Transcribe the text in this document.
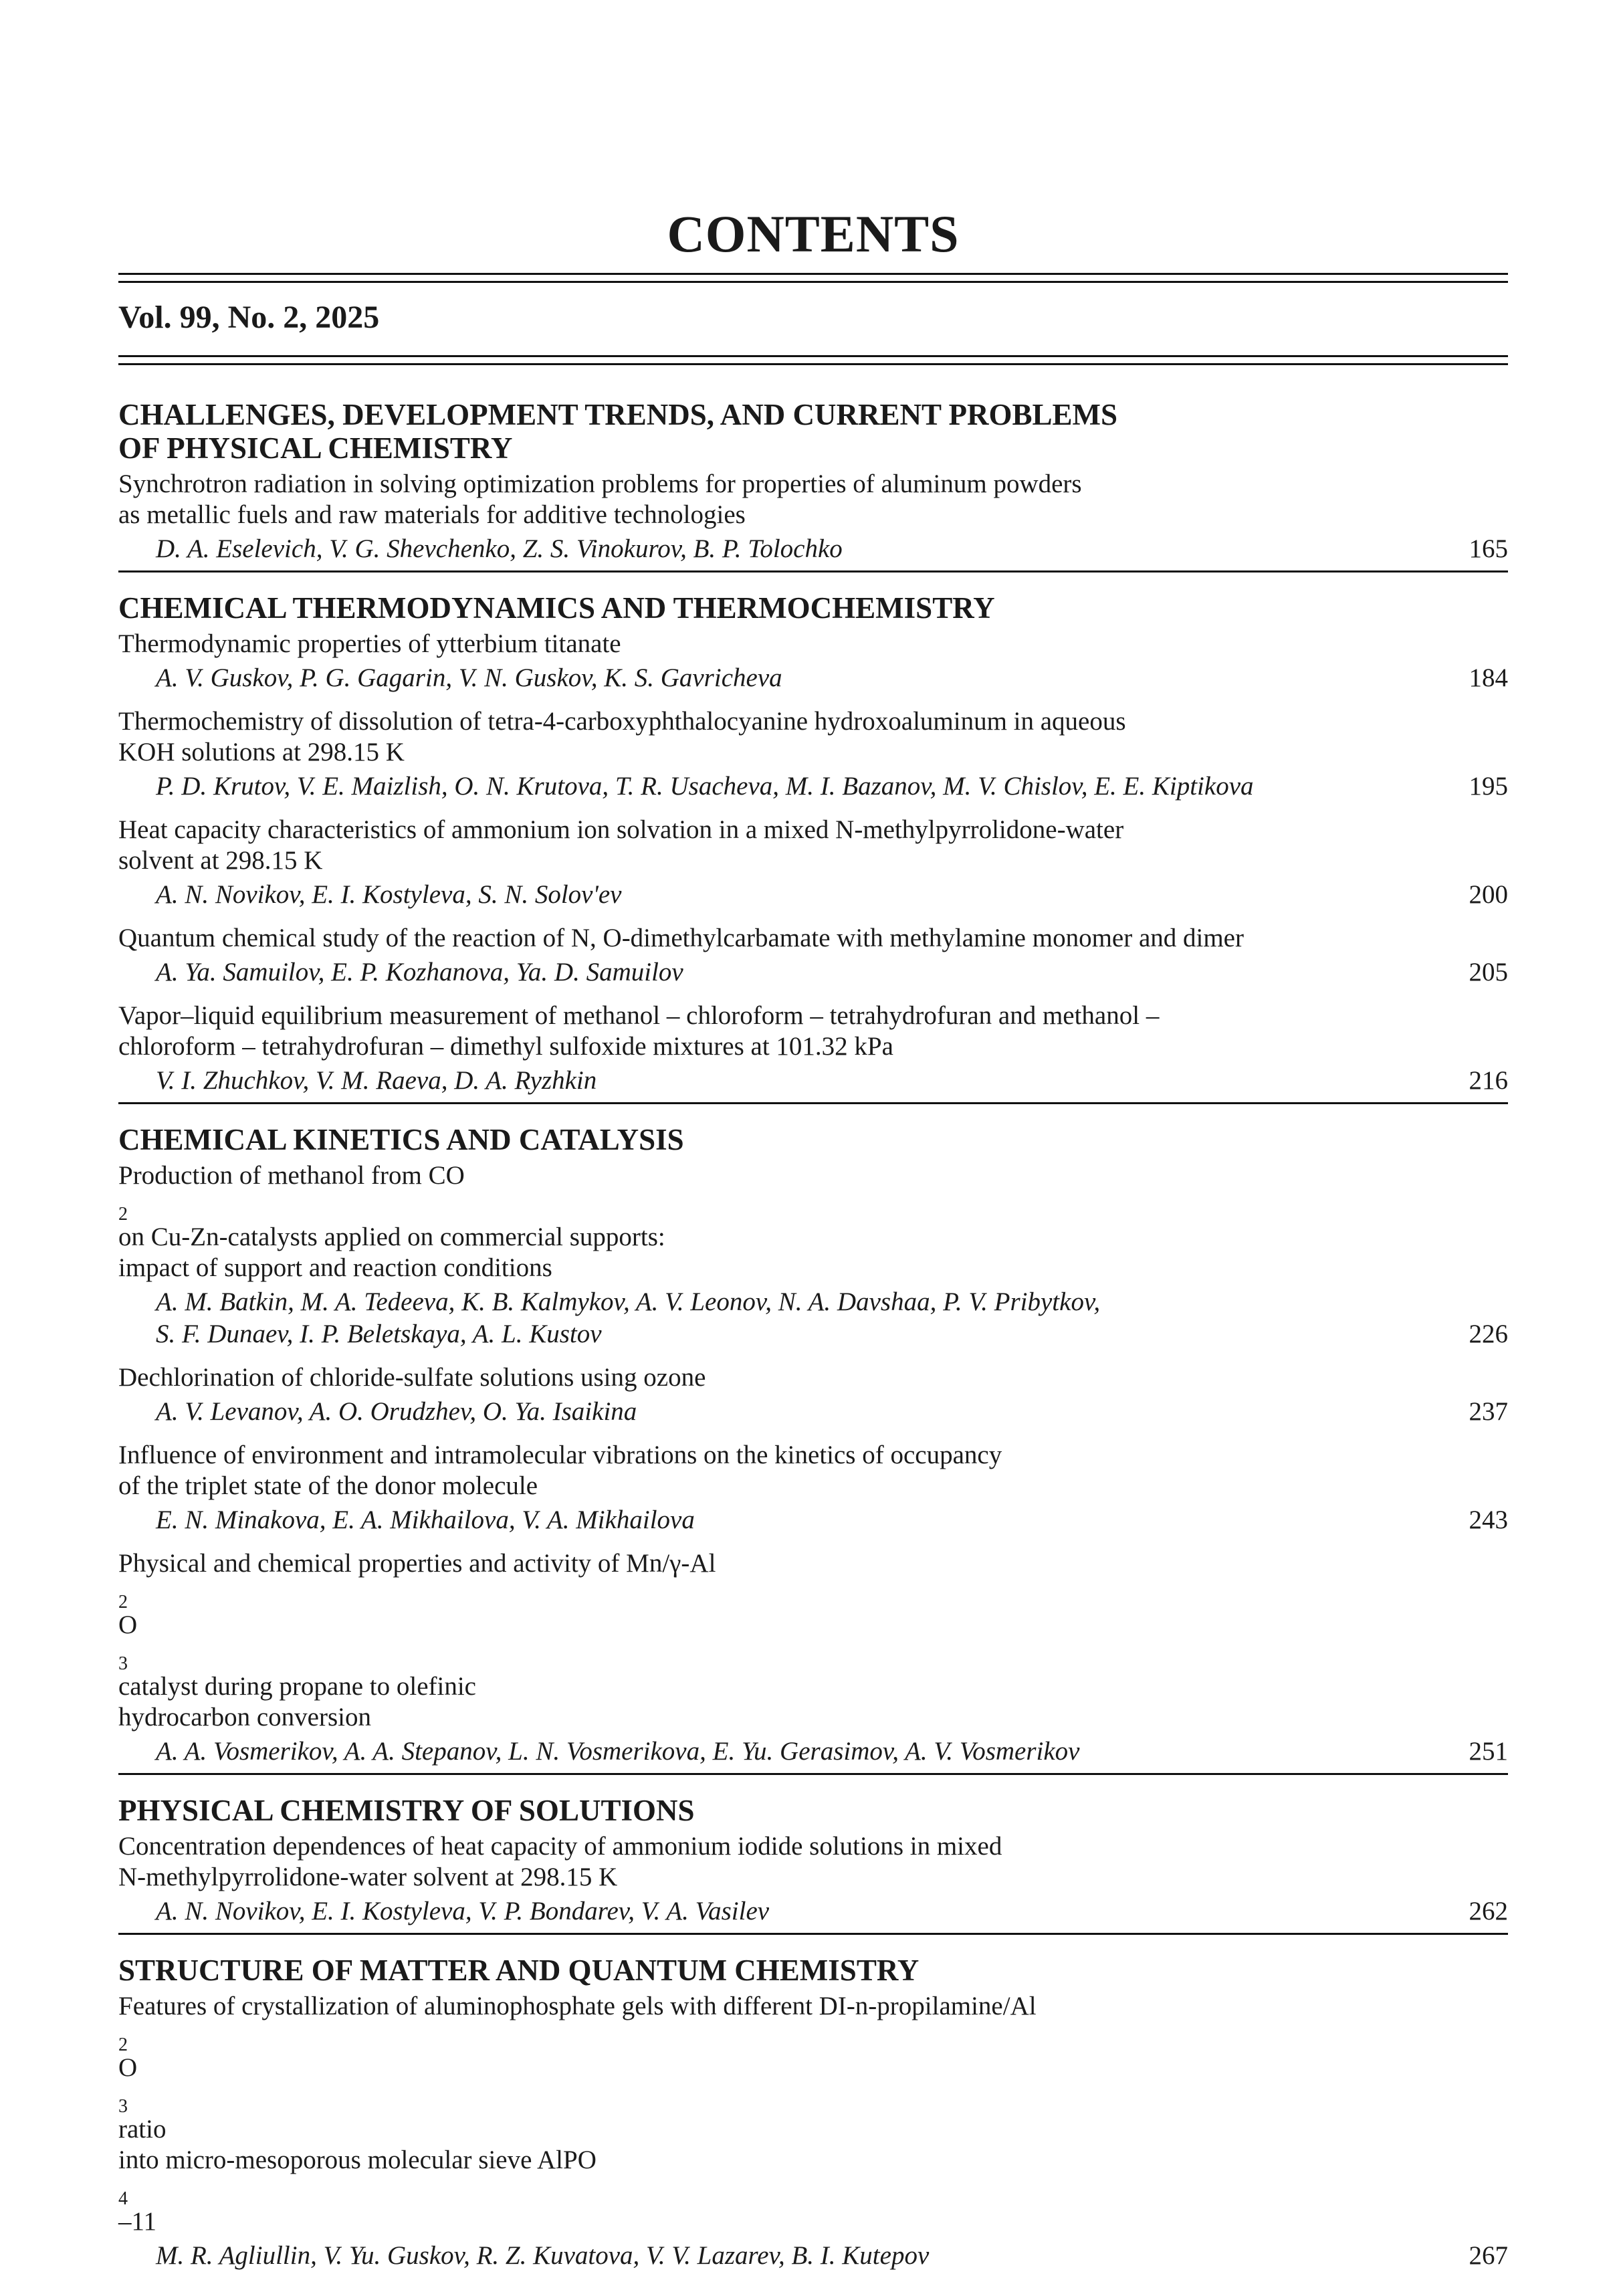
CONTENTS
Vol. 99, No. 2, 2025
CHALLENGES, DEVELOPMENT TRENDS, AND CURRENT PROBLEMS
OF PHYSICAL CHEMISTRY
Synchrotron radiation in solving optimization problems for properties of aluminum powders
as metallic fuels and raw materials for additive technologies
D. A. Eselevich, V. G. Shevchenko, Z. S. Vinokurov, B. P. Tolochko	165
CHEMICAL THERMODYNAMICS AND THERMOCHEMISTRY
Thermodynamic properties of ytterbium titanate
A. V. Guskov, P. G. Gagarin, V. N. Guskov, K. S. Gavricheva	184
Thermochemistry of dissolution of tetra-4-carboxyphthalocyanine hydroxoaluminum in aqueous
KOH solutions at 298.15 K
P. D. Krutov, V. E. Maizlish, O. N. Krutova, T. R. Usacheva, M. I. Bazanov, M. V. Chislov, E. E. Kiptikova	195
Heat capacity characteristics of ammonium ion solvation in a mixed N-methylpyrrolidone-water
solvent at 298.15 K
A. N. Novikov, E. I. Kostyleva, S. N. Solov'ev	200
Quantum chemical study of the reaction of N, O-dimethylcarbamate with methylamine monomer and dimer
A. Ya. Samuilov, E. P. Kozhanova, Ya. D. Samuilov	205
Vapor–liquid equilibrium measurement of methanol – chloroform – tetrahydrofuran and methanol –
chloroform – tetrahydrofuran – dimethyl sulfoxide mixtures at 101.32 kPa
V. I. Zhuchkov, V. M. Raeva, D. A. Ryzhkin	216
CHEMICAL KINETICS AND CATALYSIS
Production of methanol from CO
$_2$
on Cu-Zn-catalysts applied on commercial supports:
impact of support and reaction conditions
A. M. Batkin, M. A. Tedeeva, K. B. Kalmykov, A. V. Leonov, N. A. Davshaa, P. V. Pribytkov,
S. F. Dunaev, I. P. Beletskaya, A. L. Kustov	226
Dechlorination of chloride-sulfate solutions using ozone
A. V. Levanov, A. O. Orudzhev, O. Ya. Isaikina	237
Influence of environment and intramolecular vibrations on the kinetics of occupancy
of the triplet state of the donor molecule
E. N. Minakova, E. A. Mikhailova, V. A. Mikhailova	243
Physical and chemical properties and activity of Mn/γ-Al
$_2$
O
$_3$
catalyst during propane to olefinic
hydrocarbon conversion
A. A. Vosmerikov, A. A. Stepanov, L. N. Vosmerikova, E. Yu. Gerasimov, A. V. Vosmerikov	251
PHYSICAL CHEMISTRY OF SOLUTIONS
Concentration dependences of heat capacity of ammonium iodide solutions in mixed
N-methylpyrrolidone-water solvent at 298.15 K
A. N. Novikov, E. I. Kostyleva, V. P. Bondarev, V. A. Vasilev	262
STRUCTURE OF MATTER AND QUANTUM CHEMISTRY
Features of crystallization of aluminophosphate gels with different DI-n-propilamine/Al
$_2$
O
$_3$
ratio
into micro-mesoporous molecular sieve AlPO
$_4$
–11
M. R. Agliullin, V. Yu. Guskov, R. Z. Kuvatova, V. V. Lazarev, B. I. Kutepov	267
